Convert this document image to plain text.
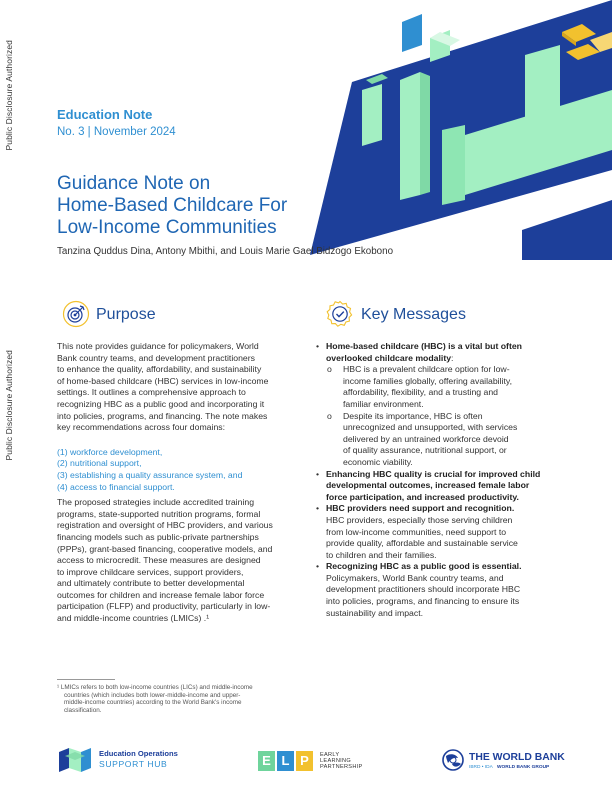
Public Disclosure Authorized
Public Disclosure Authorized
Education Note
No. 3 | November 2024
Guidance Note on
Home-Based Childcare For
Low-Income Communities
Tanzina Quddus Dina, Antony Mbithi, and Louis Marie Gael Bidzogo Ekobono
Purpose	Key Messages
This note provides guidance for policymakers, World
Bank country teams, and development practitioners
to enhance the quality, affordability, and sustainability
of home-based childcare (HBC) services in low-income
settings. It outlines a comprehensive approach to
recognizing HBC as a public good and incorporating it
into policies, programs, and financing. The note makes
key recommendations across four domains:
(1) workforce development,
(2) nutritional support,
(3) establishing a quality assurance system, and
(4) access to financial support.
The proposed strategies include accredited training
programs, state-supported nutrition programs, formal
registration and oversight of HBC providers, and various
financing models such as public-private partnerships
(PPPs), grant-based financing, cooperative models, and
access to microcredit. These measures are designed
to improve childcare services, support providers,
and ultimately contribute to better developmental
outcomes for children and increase female labor force
participation (FLFP) and productivity, particularly in low-
and middle-income countries (LMICs) .¹
• Home-based childcare (HBC) is a vital but often
overlooked childcare modality:
o HBC is a prevalent childcare option for low-
income families globally, offering availability,
affordability, flexibility, and a trusting and
familiar environment.
o Despite its importance, HBC is often
unrecognized and unsupported, with services
delivered by an untrained workforce devoid
of quality assurance, nutritional support, or
economic viability.
• Enhancing HBC quality is crucial for improved child
developmental outcomes, increased female labor
force participation, and increased productivity.
• HBC providers need support and recognition.
HBC providers, especially those serving children
from low-income communities, need support to
provide quality, affordable and sustainable service
to children and their families.
• Recognizing HBC as a public good is essential.
Policymakers, World Bank country teams, and
development practitioners should incorporate HBC
into policies, programs, and financing to ensure its
sustainability and impact.
¹ LMICs refers to both low-income countries (LICs) and middle-income
countries (which includes both lower-middle-income and upper-
middle-income countries) according to the World Bank's income
classification.
Education Operations
SUPPORT HUB	E L P	EARLY
LEARNING
PARTNERSHIP
THE WORLD BANK
IBRD • IDA WORLD BANK GROUP
